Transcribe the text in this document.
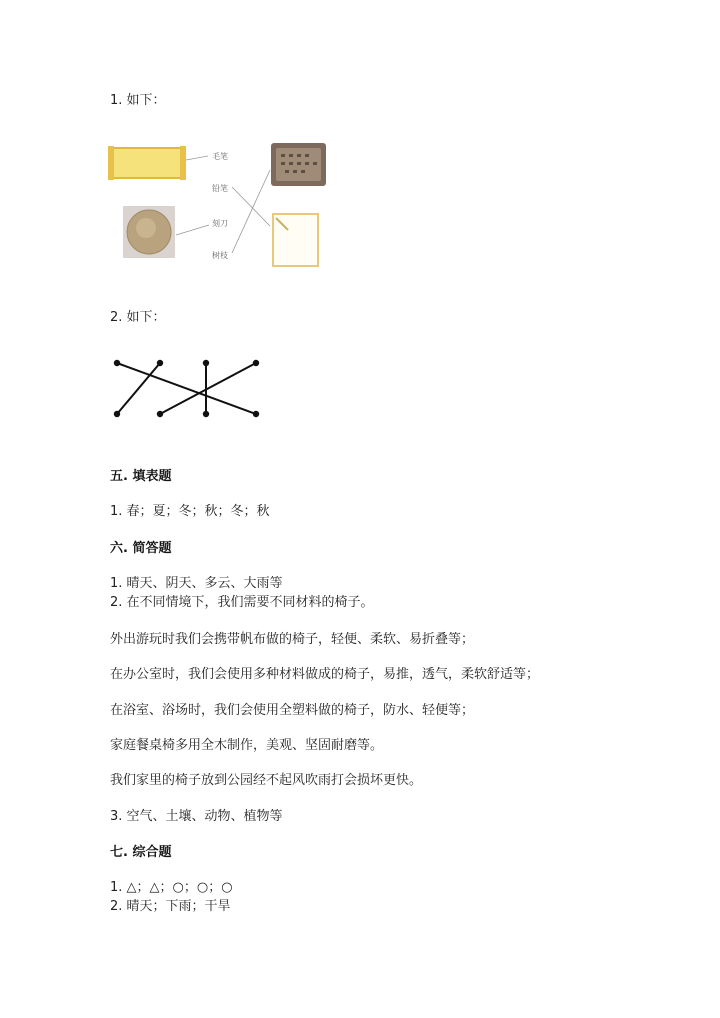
1. 如下：
毛笔
铅笔
刻刀
树枝
2. 如下：
五. 填表题
1. 春；夏；冬；秋；冬；秋
六. 简答题
1. 晴天、阴天、多云、大雨等
2. 在不同情境下，我们需要不同材料的椅子。
外出游玩时我们会携带帆布做的椅子，轻便、柔软、易折叠等；
在办公室时，我们会使用多种材料做成的椅子，易推，透气，柔软舒适等；
在浴室、浴场时，我们会使用全塑料做的椅子，防水、轻便等；
家庭餐桌椅多用全木制作，美观、坚固耐磨等。
我们家里的椅子放到公园经不起风吹雨打会损坏更快。
3. 空气、土壤、动物、植物等
七. 综合题
1. △；△；○；○；○
2. 晴天；下雨；干旱
